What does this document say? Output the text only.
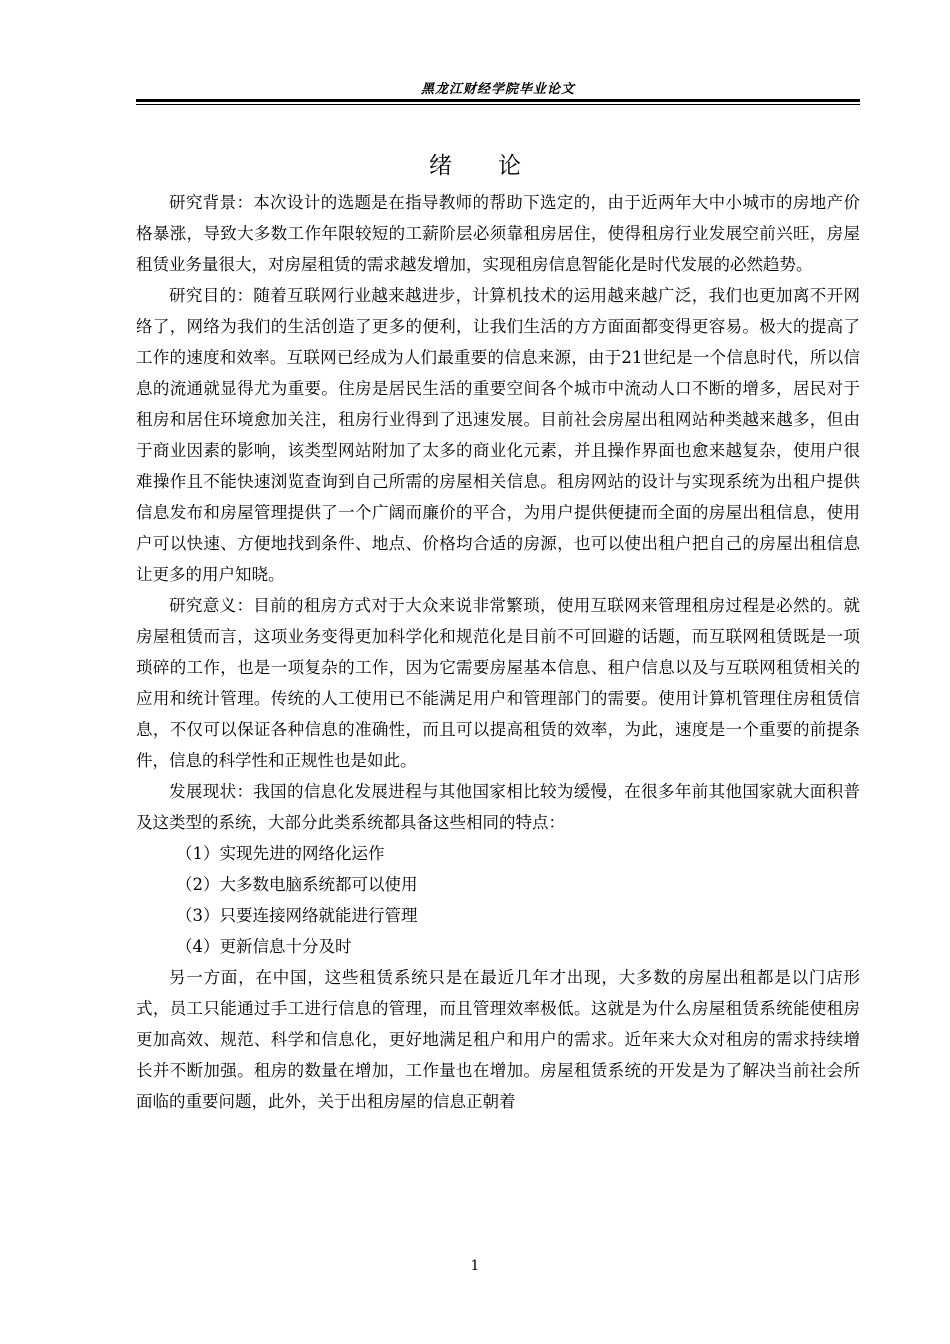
黑龙江财经学院毕业论文
绪论

研究背景：本次设计的选题是在指导教师的帮助下选定的，由于近两年大中小城市的房地产价格暴涨，导致大多数工作年限较短的工薪阶层必须靠租房居住，使得租房行业发展空前兴旺，房屋租赁业务量很大，对房屋租赁的需求越发增加，实现租房信息智能化是时代发展的必然趋势。

研究目的：随着互联网行业越来越进步，计算机技术的运用越来越广泛，我们也更加离不开网络了，网络为我们的生活创造了更多的便利，让我们生活的方方面面都变得更容易。极大的提高了工作的速度和效率。互联网已经成为人们最重要的信息来源，由于21世纪是一个信息时代，所以信息的流通就显得尤为重要。住房是居民生活的重要空间各个城市中流动人口不断的增多，居民对于租房和居住环境愈加关注，租房行业得到了迅速发展。目前社会房屋出租网站种类越来越多，但由于商业因素的影响，该类型网站附加了太多的商业化元素，并且操作界面也愈来越复杂，使用户很难操作且不能快速浏览查询到自己所需的房屋相关信息。租房网站的设计与实现系统为出租户提供信息发布和房屋管理提供了一个广阔而廉价的平合，为用户提供便捷而全面的房屋出租信息，使用户可以快速、方便地找到条件、地点、价格均合适的房源，也可以使出租户把自己的房屋出租信息让更多的用户知晓。

研究意义：目前的租房方式对于大众来说非常繁琐，使用互联网来管理租房过程是必然的。就房屋租赁而言，这项业务变得更加科学化和规范化是目前不可回避的话题，而互联网租赁既是一项琐碎的工作，也是一项复杂的工作，因为它需要房屋基本信息、租户信息以及与互联网租赁相关的应用和统计管理。传统的人工使用已不能满足用户和管理部门的需要。使用计算机管理住房租赁信息，不仅可以保证各种信息的准确性，而且可以提高租赁的效率，为此，速度是一个重要的前提条件，信息的科学性和正规性也是如此。

发展现状：我国的信息化发展进程与其他国家相比较为缓慢，在很多年前其他国家就大面积普及这类型的系统，大部分此类系统都具备这些相同的特点：

（1）实现先进的网络化运作

（2）大多数电脑系统都可以使用

（3）只要连接网络就能进行管理

（4）更新信息十分及时

另一方面，在中国，这些租赁系统只是在最近几年才出现，大多数的房屋出租都是以门店形式，员工只能通过手工进行信息的管理，而且管理效率极低。这就是为什么房屋租赁系统能使租房更加高效、规范、科学和信息化，更好地满足租户和用户的需求。近年来大众对租房的需求持续增长并不断加强。租房的数量在增加，工作量也在增加。房屋租赁系统的开发是为了解决当前社会所面临的重要问题，此外，关于出租房屋的信息正朝着

1
